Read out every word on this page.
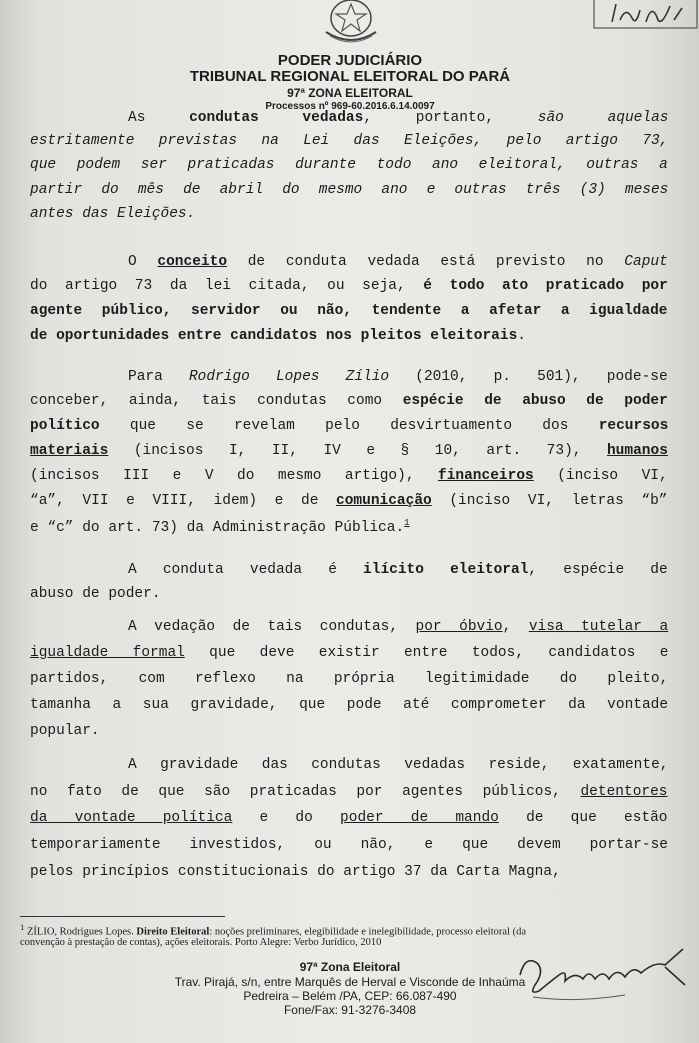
PODER JUDICIÁRIO
TRIBUNAL REGIONAL ELEITORAL DO PARÁ
97ª ZONA ELEITORAL
Processos nº 969-60.2016.6.14.0097
As condutas vedadas, portanto, são aquelas
estritamente previstas na Lei das Eleições, pelo artigo 73,
que podem ser praticadas durante todo ano eleitoral, outras a
partir do mês de abril do mesmo ano e outras três (3) meses
antes das Eleições.
O conceito de conduta vedada está previsto no Caput
do artigo 73 da lei citada, ou seja, é todo ato praticado por
agente público, servidor ou não, tendente a afetar a igualdade
de oportunidades entre candidatos nos pleitos eleitorais.
Para Rodrigo Lopes Zílio (2010, p. 501), pode-se
conceber, ainda, tais condutas como espécie de abuso de poder
político que se revelam pelo desvirtuamento dos recursos
materiais (incisos I, II, IV e § 10, art. 73), humanos
(incisos III e V do mesmo artigo), financeiros (inciso VI,
“a”, VII e VIII, idem) e de comunicação (inciso VI, letras “b”
e “c” do art. 73) da Administração Pública.$^1$
A conduta vedada é ilícito eleitoral, espécie de
abuso de poder.
A vedação de tais condutas, por óbvio, visa tutelar a
igualdade formal que deve existir entre todos, candidatos e
partidos, com reflexo na própria legitimidade do pleito,
tamanha a sua gravidade, que pode até comprometer da vontade
popular.
A gravidade das condutas vedadas reside, exatamente,
no fato de que são praticadas por agentes públicos, detentores
da vontade política e do poder de mando de que estão
temporariamente investidos, ou não, e que devem portar-se
pelos princípios constitucionais do artigo 37 da Carta Magna,
$^1$ ZÍLIO, Rodrigues Lopes. Direito Eleitoral: noções preliminares, elegibilidade e inelegibilidade, processo eleitoral (da
convenção à prestação de contas), ações eleitorais. Porto Alegre: Verbo Jurídico, 2010
97ª Zona Eleitoral
Trav. Pirajá, s/n, entre Marquês de Herval e Visconde de Inhaúma
Pedreira – Belém /PA, CEP: 66.087-490
Fone/Fax: 91-3276-3408
